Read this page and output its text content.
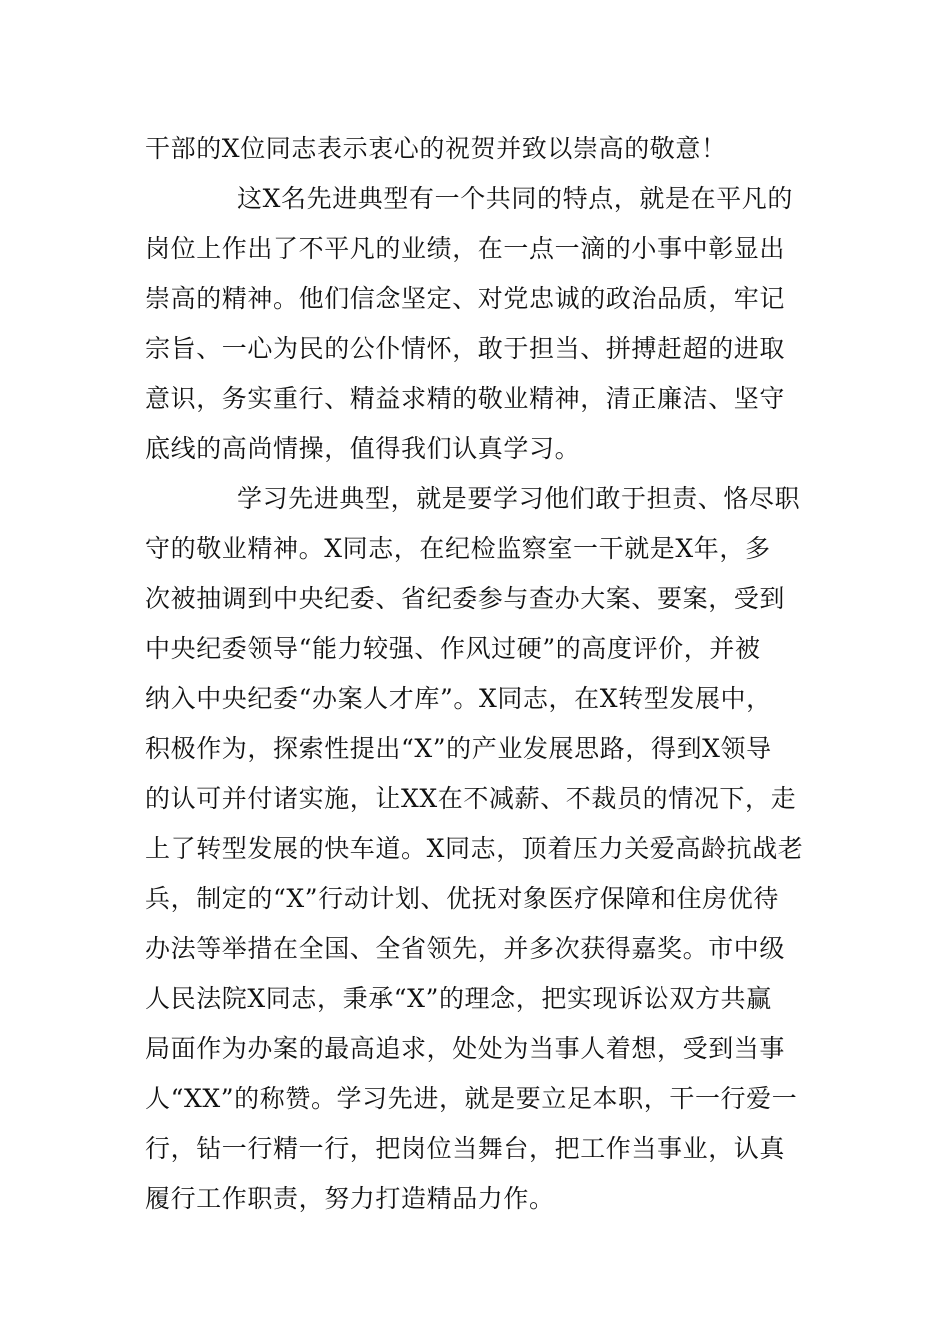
干部的X位同志表示衷心的祝贺并致以崇高的敬意！
这X名先进典型有一个共同的特点，就是在平凡的
岗位上作出了不平凡的业绩，在一点一滴的小事中彰显出
崇高的精神。他们信念坚定、对党忠诚的政治品质，牢记
宗旨、一心为民的公仆情怀，敢于担当、拼搏赶超的进取
意识，务实重行、精益求精的敬业精神，清正廉洁、坚守
底线的高尚情操，值得我们认真学习。
学习先进典型，就是要学习他们敢于担责、恪尽职
守的敬业精神。X同志，在纪检监察室一干就是X年，多
次被抽调到中央纪委、省纪委参与查办大案、要案，受到
中央纪委领导“能力较强、作风过硬”的高度评价，并被
纳入中央纪委“办案人才库”。X同志，在X转型发展中，
积极作为，探索性提出“X”的产业发展思路，得到X领导
的认可并付诸实施，让XX在不减薪、不裁员的情况下，走
上了转型发展的快车道。X同志，顶着压力关爱高龄抗战老
兵，制定的“X”行动计划、优抚对象医疗保障和住房优待
办法等举措在全国、全省领先，并多次获得嘉奖。市中级
人民法院X同志，秉承“X”的理念，把实现诉讼双方共赢
局面作为办案的最高追求，处处为当事人着想，受到当事
人“XX”的称赞。学习先进，就是要立足本职，干一行爱一
行，钻一行精一行，把岗位当舞台，把工作当事业，认真
履行工作职责，努力打造精品力作。
